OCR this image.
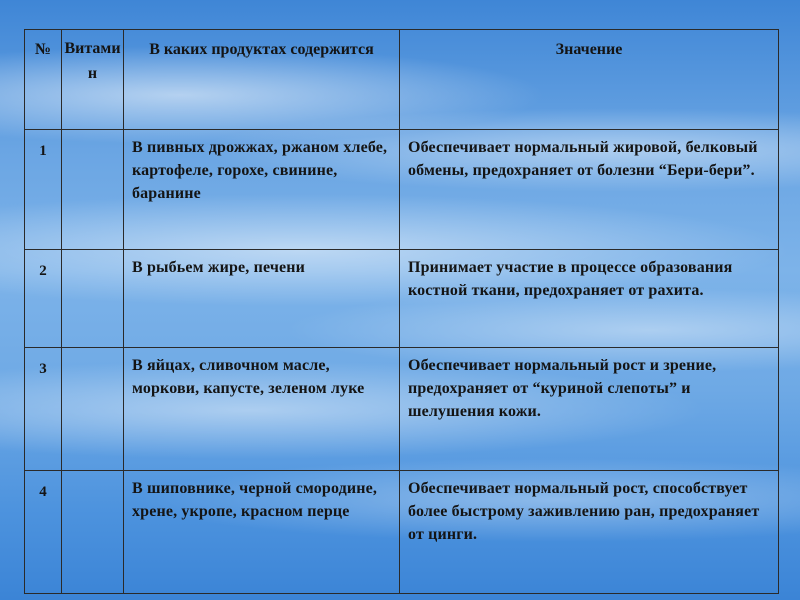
№	Витамин	В каких продуктах содержится	Значение
1		В пивных дрожжах, ржаном хлебе, картофеле, горохе, свинине, баранине	Обеспечивает нормальный жировой, белковый обмены, предохраняет от болезни “Бери-бери”.
2		В рыбьем жире, печени	Принимает участие в процессе образования костной ткани, предохраняет от рахита.
3		В яйцах, сливочном масле, моркови, капусте, зеленом луке	Обеспечивает нормальный рост и зрение, предохраняет от “куриной слепоты” и шелушения кожи.
4		В шиповнике, черной смородине, хрене, укропе, красном перце	Обеспечивает нормальный рост, способствует более быстрому заживлению ран, предохраняет от цинги.
